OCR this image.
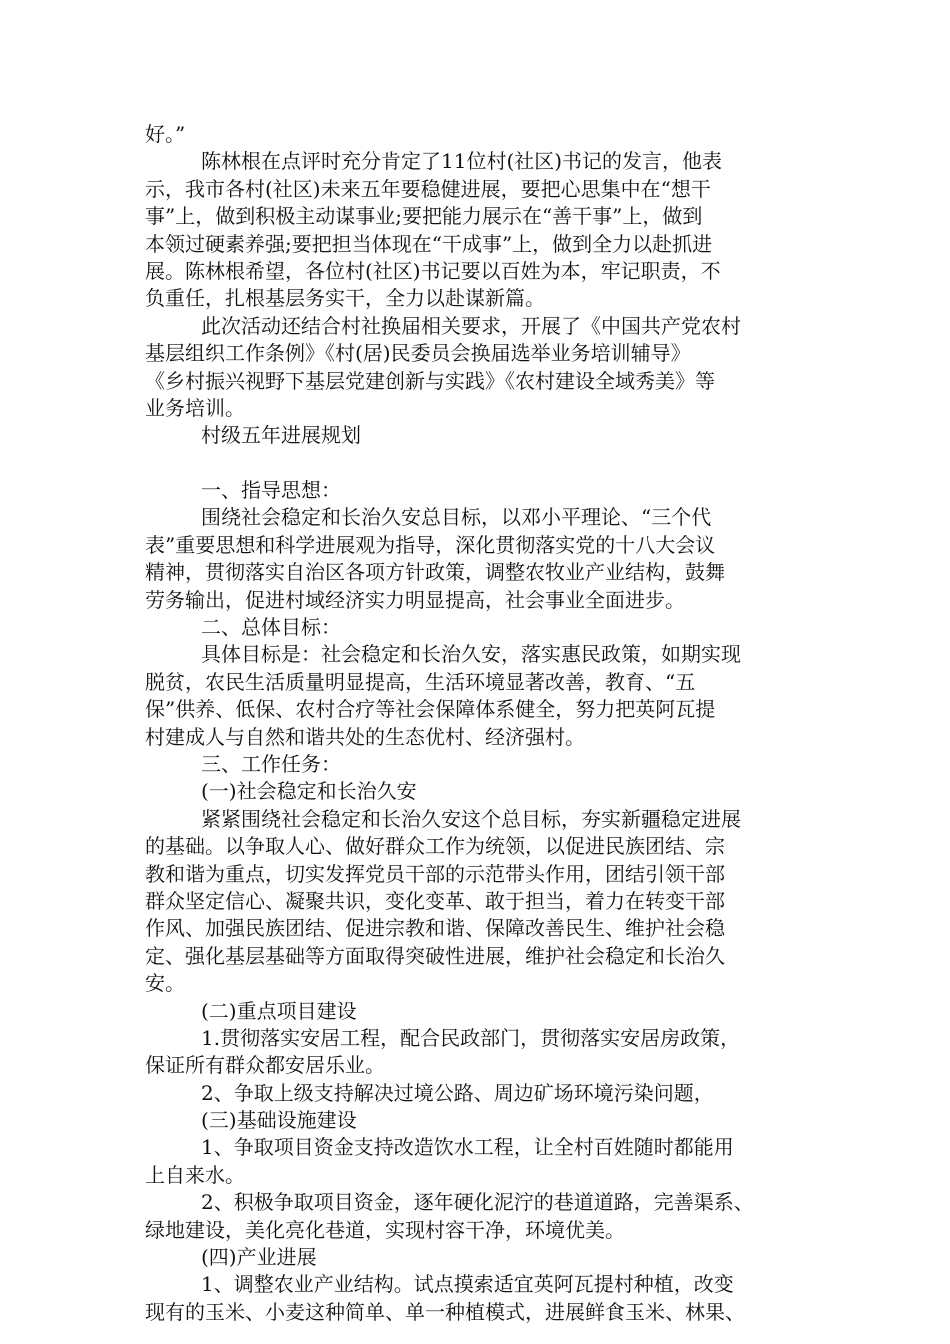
好。”
陈林根在点评时充分肯定了11位村(社区)书记的发言，他表
示，我市各村(社区)未来五年要稳健进展，要把心思集中在“想干
事”上，做到积极主动谋事业;要把能力展示在“善干事”上，做到
本领过硬素养强;要把担当体现在“干成事”上，做到全力以赴抓进
展。陈林根希望，各位村(社区)书记要以百姓为本，牢记职责，不
负重任，扎根基层务实干，全力以赴谋新篇。
此次活动还结合村社换届相关要求，开展了《中国共产党农村
基层组织工作条例》《村(居)民委员会换届选举业务培训辅导》
《乡村振兴视野下基层党建创新与实践》《农村建设全域秀美》等
业务培训。
村级五年进展规划
一、指导思想：
围绕社会稳定和长治久安总目标，以邓小平理论、“三个代
表”重要思想和科学进展观为指导，深化贯彻落实党的十八大会议
精神，贯彻落实自治区各项方针政策，调整农牧业产业结构，鼓舞
劳务输出，促进村域经济实力明显提高，社会事业全面进步。
二、总体目标：
具体目标是：社会稳定和长治久安，落实惠民政策，如期实现
脱贫，农民生活质量明显提高，生活环境显著改善，教育、“五
保”供养、低保、农村合疗等社会保障体系健全，努力把英阿瓦提
村建成人与自然和谐共处的生态优村、经济强村。
三、工作任务：
(一)社会稳定和长治久安
紧紧围绕社会稳定和长治久安这个总目标，夯实新疆稳定进展
的基础。以争取人心、做好群众工作为统领，以促进民族团结、宗
教和谐为重点，切实发挥党员干部的示范带头作用，团结引领干部
群众坚定信心、凝聚共识，变化变革、敢于担当，着力在转变干部
作风、加强民族团结、促进宗教和谐、保障改善民生、维护社会稳
定、强化基层基础等方面取得突破性进展，维护社会稳定和长治久
安。
(二)重点项目建设
1.贯彻落实安居工程，配合民政部门，贯彻落实安居房政策，
保证所有群众都安居乐业。
2、争取上级支持解决过境公路、周边矿场环境污染问题，
(三)基础设施建设
1、争取项目资金支持改造饮水工程，让全村百姓随时都能用
上自来水。
2、积极争取项目资金，逐年硬化泥泞的巷道道路，完善渠系、
绿地建设，美化亮化巷道，实现村容干净，环境优美。
(四)产业进展
1、调整农业产业结构。试点摸索适宜英阿瓦提村种植，改变
现有的玉米、小麦这种简单、单一种植模式，进展鲜食玉米、林果、
